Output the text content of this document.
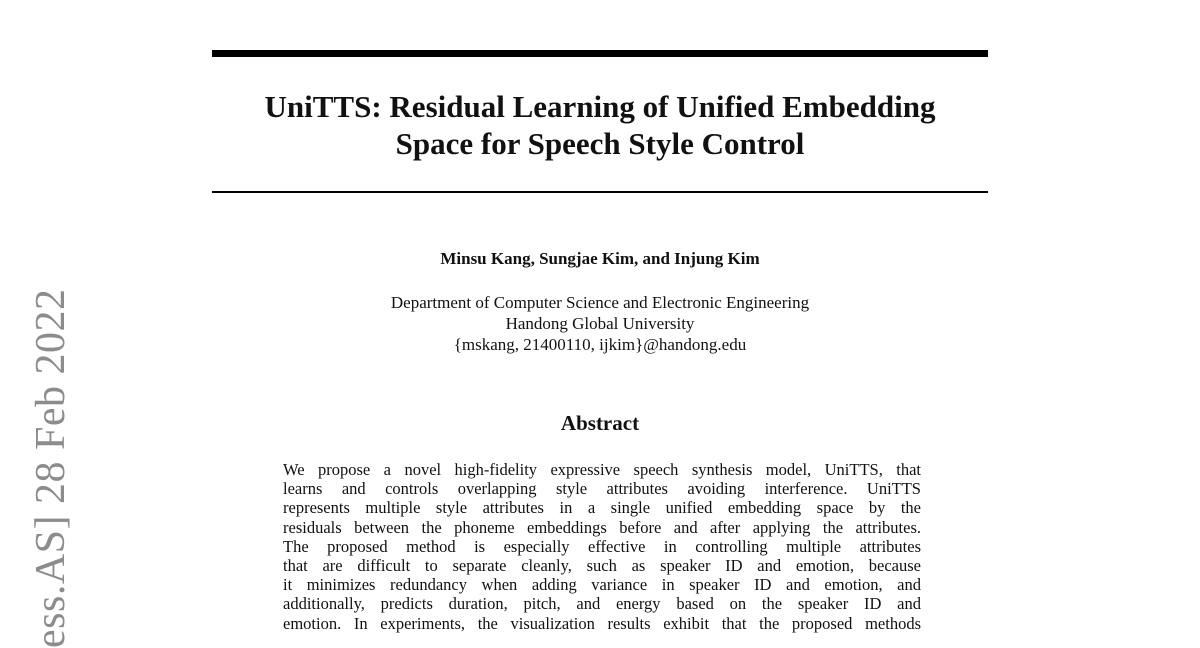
UniTTS: Residual Learning of Unified Embedding
Space for Speech Style Control
Minsu Kang, Sungjae Kim, and Injung Kim
Department of Computer Science and Electronic Engineering
Handong Global University
{mskang, 21400110, ijkim}@handong.edu
Abstract
We propose a novel high-fidelity expressive speech synthesis model, UniTTS, that
learns and controls overlapping style attributes avoiding interference. UniTTS
represents multiple style attributes in a single unified embedding space by the
residuals between the phoneme embeddings before and after applying the attributes.
The proposed method is especially effective in controlling multiple attributes
that are difficult to separate cleanly, such as speaker ID and emotion, because
it minimizes redundancy when adding variance in speaker ID and emotion, and
additionally, predicts duration, pitch, and energy based on the speaker ID and
emotion. In experiments, the visualization results exhibit that the proposed methods
ess.AS] 28 Feb 2022
